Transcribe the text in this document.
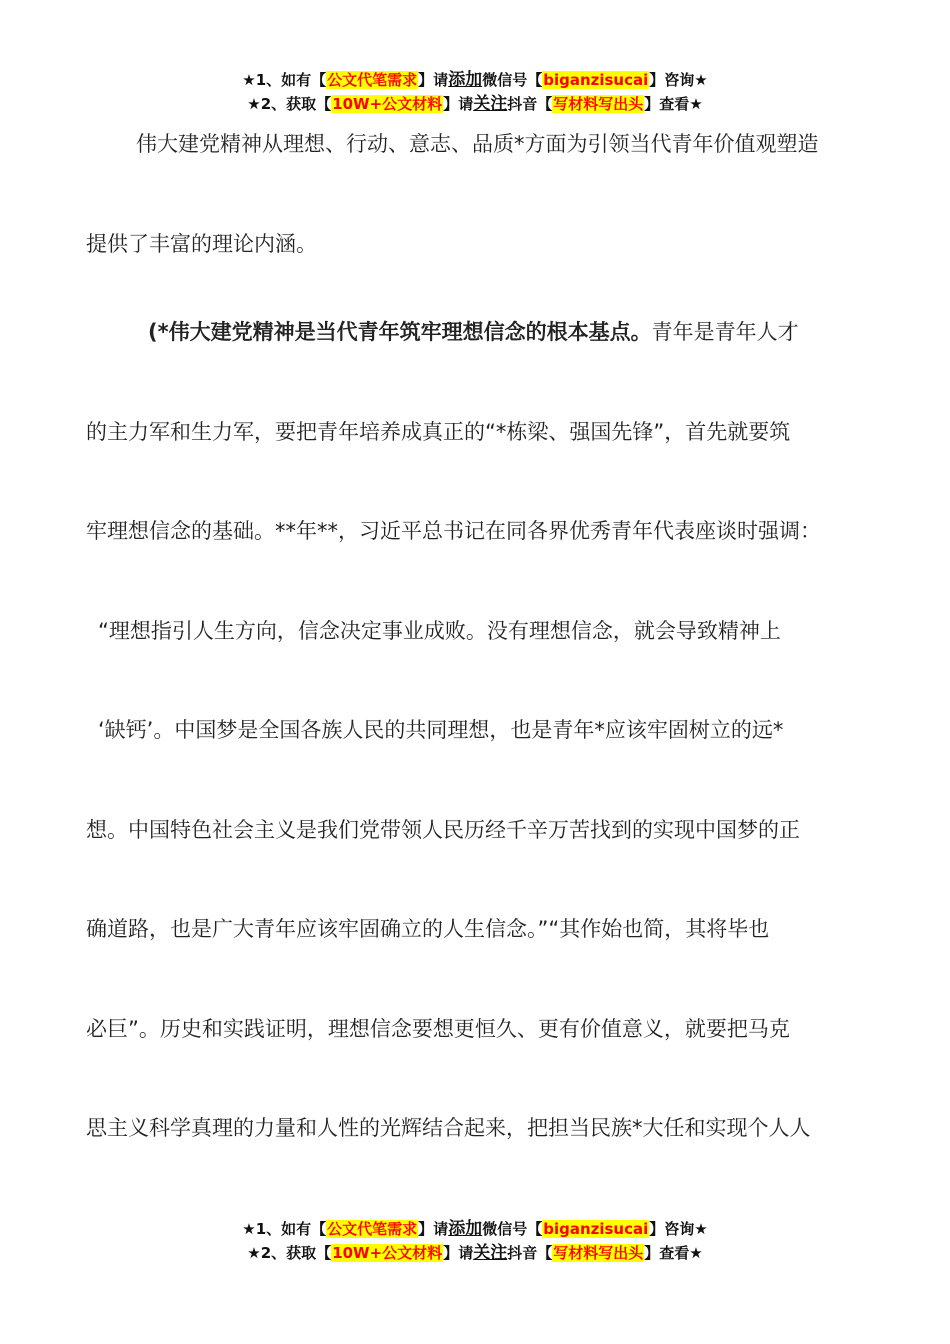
★1、如有【公文代笔需求】请添加微信号【biganzisucai】咨询★
★2、获取【10W+公文材料】请关注抖音【写材料写出头】查看★
伟大建党精神从理想、行动、意志、品质*方面为引领当代青年价值观塑造
提供了丰富的理论内涵。
(*伟大建党精神是当代青年筑牢理想信念的根本基点。青年是青年人才
的主力军和生力军，要把青年培养成真正的“*栋梁、强国先锋”，首先就要筑
牢理想信念的基础。**年**，习近平总书记在同各界优秀青年代表座谈时强调：
“理想指引人生方向，信念决定事业成败。没有理想信念，就会导致精神上
‘缺钙’。中国梦是全国各族人民的共同理想，也是青年*应该牢固树立的远*
想。中国特色社会主义是我们党带领人民历经千辛万苦找到的实现中国梦的正
确道路，也是广大青年应该牢固确立的人生信念。”“其作始也简，其将毕也
必巨”。历史和实践证明，理想信念要想更恒久、更有价值意义，就要把马克
思主义科学真理的力量和人性的光辉结合起来，把担当民族*大任和实现个人人
★1、如有【公文代笔需求】请添加微信号【biganzisucai】咨询★
★2、获取【10W+公文材料】请关注抖音【写材料写出头】查看★
